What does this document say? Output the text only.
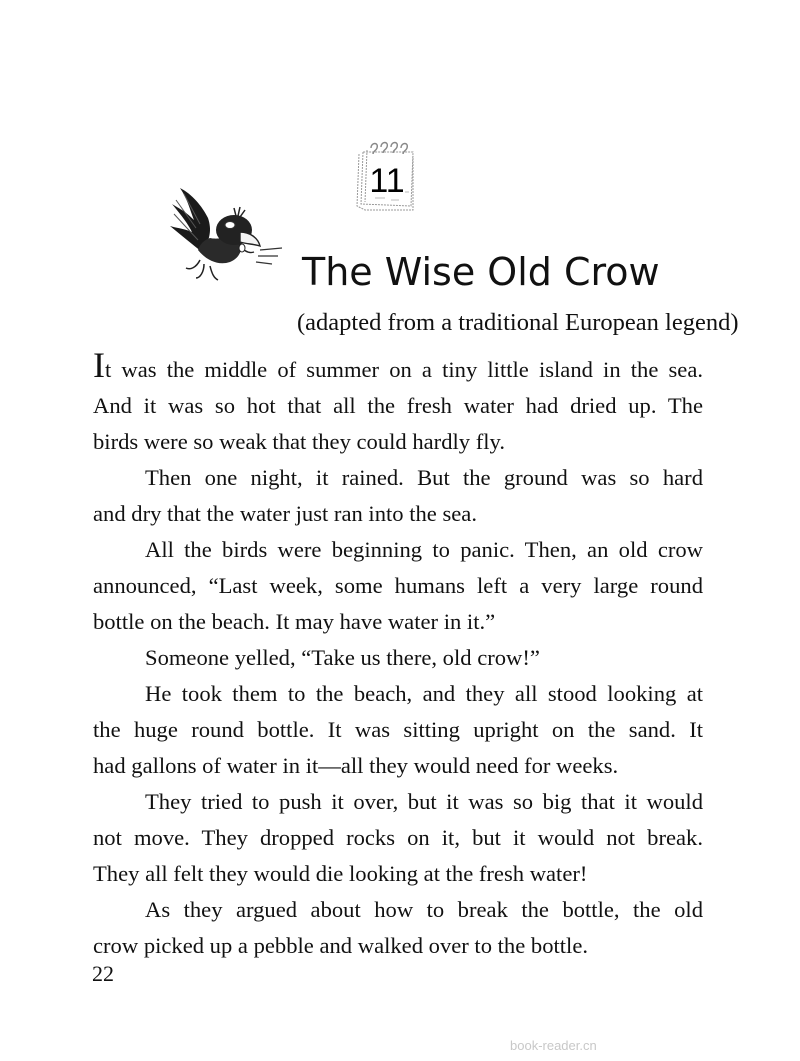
11
The Wise Old Crow
(adapted from a traditional European legend)

It was the middle of summer on a tiny little island in the sea.
And it was so hot that all the fresh water had dried up. The
birds were so weak that they could hardly fly.

Then one night, it rained. But the ground was so hard
and dry that the water just ran into the sea.

All the birds were beginning to panic. Then, an old crow
announced, “Last week, some humans left a very large round
bottle on the beach. It may have water in it.”

Someone yelled, “Take us there, old crow!”

He took them to the beach, and they all stood looking at
the huge round bottle. It was sitting upright on the sand. It
had gallons of water in it—all they would need for weeks.

They tried to push it over, but it was so big that it would
not move. They dropped rocks on it, but it would not break.
They all felt they would die looking at the fresh water!

As they argued about how to break the bottle, the old
crow picked up a pebble and walked over to the bottle.

22
book-reader.cn
